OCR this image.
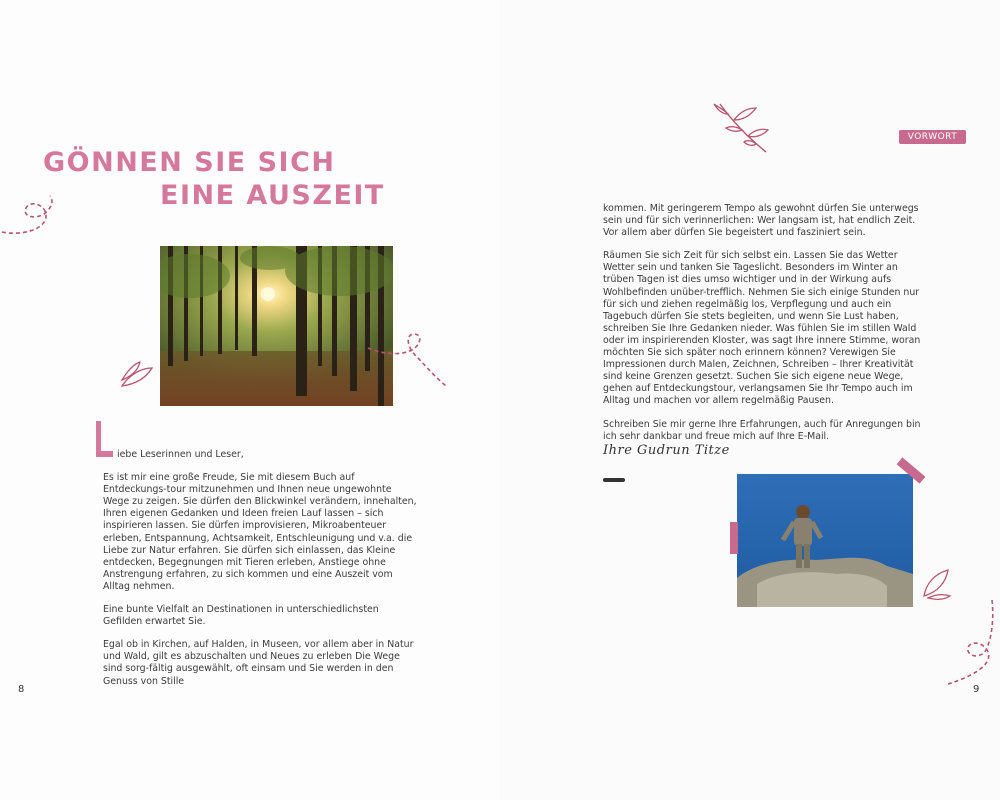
GÖNNEN SIE SICH
EINE AUSZEIT
VORWORT

iebe Leserinnen und Leser,

Es ist mir eine große Freude, Sie mit diesem Buch auf Entdeckungs-tour mitzunehmen und Ihnen neue ungewohnte Wege zu zeigen. Sie dürfen den Blickwinkel verändern, innehalten, Ihren eigenen Gedanken und Ideen freien Lauf lassen – sich inspirieren lassen. Sie dürfen improvisieren, Mikroabenteuer erleben, Entspannung, Achtsamkeit, Entschleunigung und v.a. die Liebe zur Natur erfahren. Sie dürfen sich einlassen, das Kleine entdecken, Begegnungen mit Tieren erleben, Anstiege ohne Anstrengung erfahren, zu sich kommen und eine Auszeit vom Alltag nehmen.

Eine bunte Vielfalt an Destinationen in unterschiedlichsten Gefilden erwartet Sie.

Egal ob in Kirchen, auf Halden, in Museen, vor allem aber in Natur und Wald, gilt es abzuschalten und Neues zu erleben Die Wege sind sorg-fältig ausgewählt, oft einsam und Sie werden in den Genuss von Stille

8	9

kommen. Mit geringerem Tempo als gewohnt dürfen Sie unterwegs sein und für sich verinnerlichen: Wer langsam ist, hat endlich Zeit. Vor allem aber dürfen Sie begeistert und fasziniert sein.

Räumen Sie sich Zeit für sich selbst ein. Lassen Sie das Wetter Wetter sein und tanken Sie Tageslicht. Besonders im Winter an trüben Tagen ist dies umso wichtiger und in der Wirkung aufs Wohlbefinden unüber-trefflich. Nehmen Sie sich einige Stunden nur für sich und ziehen regelmäßig los, Verpflegung und auch ein Tagebuch dürfen Sie stets begleiten, und wenn Sie Lust haben, schreiben Sie Ihre Gedanken nieder. Was fühlen Sie im stillen Wald oder im inspirierenden Kloster, was sagt Ihre innere Stimme, woran möchten Sie sich später noch erinnern können? Verewigen Sie Impressionen durch Malen, Zeichnen, Schreiben – Ihrer Kreativität sind keine Grenzen gesetzt. Suchen Sie sich eigene neue Wege, gehen auf Entdeckungstour, verlangsamen Sie Ihr Tempo auch im Alltag und machen vor allem regelmäßig Pausen.

Schreiben Sie mir gerne Ihre Erfahrungen, auch für Anregungen bin ich sehr dankbar und freue mich auf Ihre E-Mail.

Ihre Gudrun Titze
